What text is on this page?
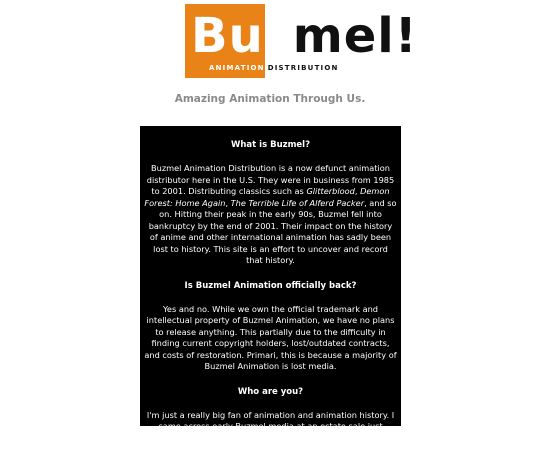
Buzmel!
ANIMATION DISTRIBUTION
Amazing Animation Through Us.
What is Buzmel?

Buzmel Animation Distribution is a now defunct animation distributor here in the U.S. They were in business from 1985 to 2001. Distributing classics such as Glitterblood, Demon Forest: Home Again, The Terrible Life of Alferd Packer, and so on. Hitting their peak in the early 90s, Buzmel fell into bankruptcy by the end of 2001. Their impact on the history of anime and other international animation has sadly been lost to history. This site is an effort to uncover and record that history.

Is Buzmel Animation officially back?

Yes and no. While we own the official trademark and intellectual property of Buzmel Animation, we have no plans to release anything. This partially due to the difficulty in finding current copyright holders, lost/outdated contracts, and costs of restoration. Primari, this is because a majority of Buzmel Animation is lost media.

Who are you?

I'm just a really big fan of animation and animation history. I came across early Buzmel media at an estate sale just before the Pandemic. I was lucky enough to find a relative of an original employee who had inherited the rights and a small storage unit. I was able to borrow some cash from
